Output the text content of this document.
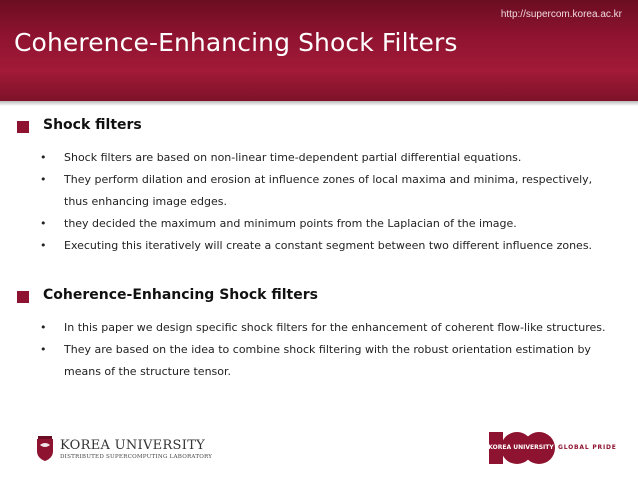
http://supercom.korea.ac.kr
Coherence-Enhancing Shock Filters
Shock filters
• Shock filters are based on non-linear time-dependent partial differential equations.
• They perform dilation and erosion at influence zones of local maxima and minima, respectively, thus enhancing image edges.
• they decided the maximum and minimum points from the Laplacian of the image.
• Executing this iteratively will create a constant segment between two different influence zones.
Coherence-Enhancing Shock filters
• In this paper we design specific shock filters for the enhancement of coherent flow-like structures.
• They are based on the idea to combine shock filtering with the robust orientation estimation by means of the structure tensor.
KOREA UNIVERSITY
DISTRIBUTED SUPERCOMPUTING LABORATORY
KOREA UNIVERSITY GLOBAL PRIDE
